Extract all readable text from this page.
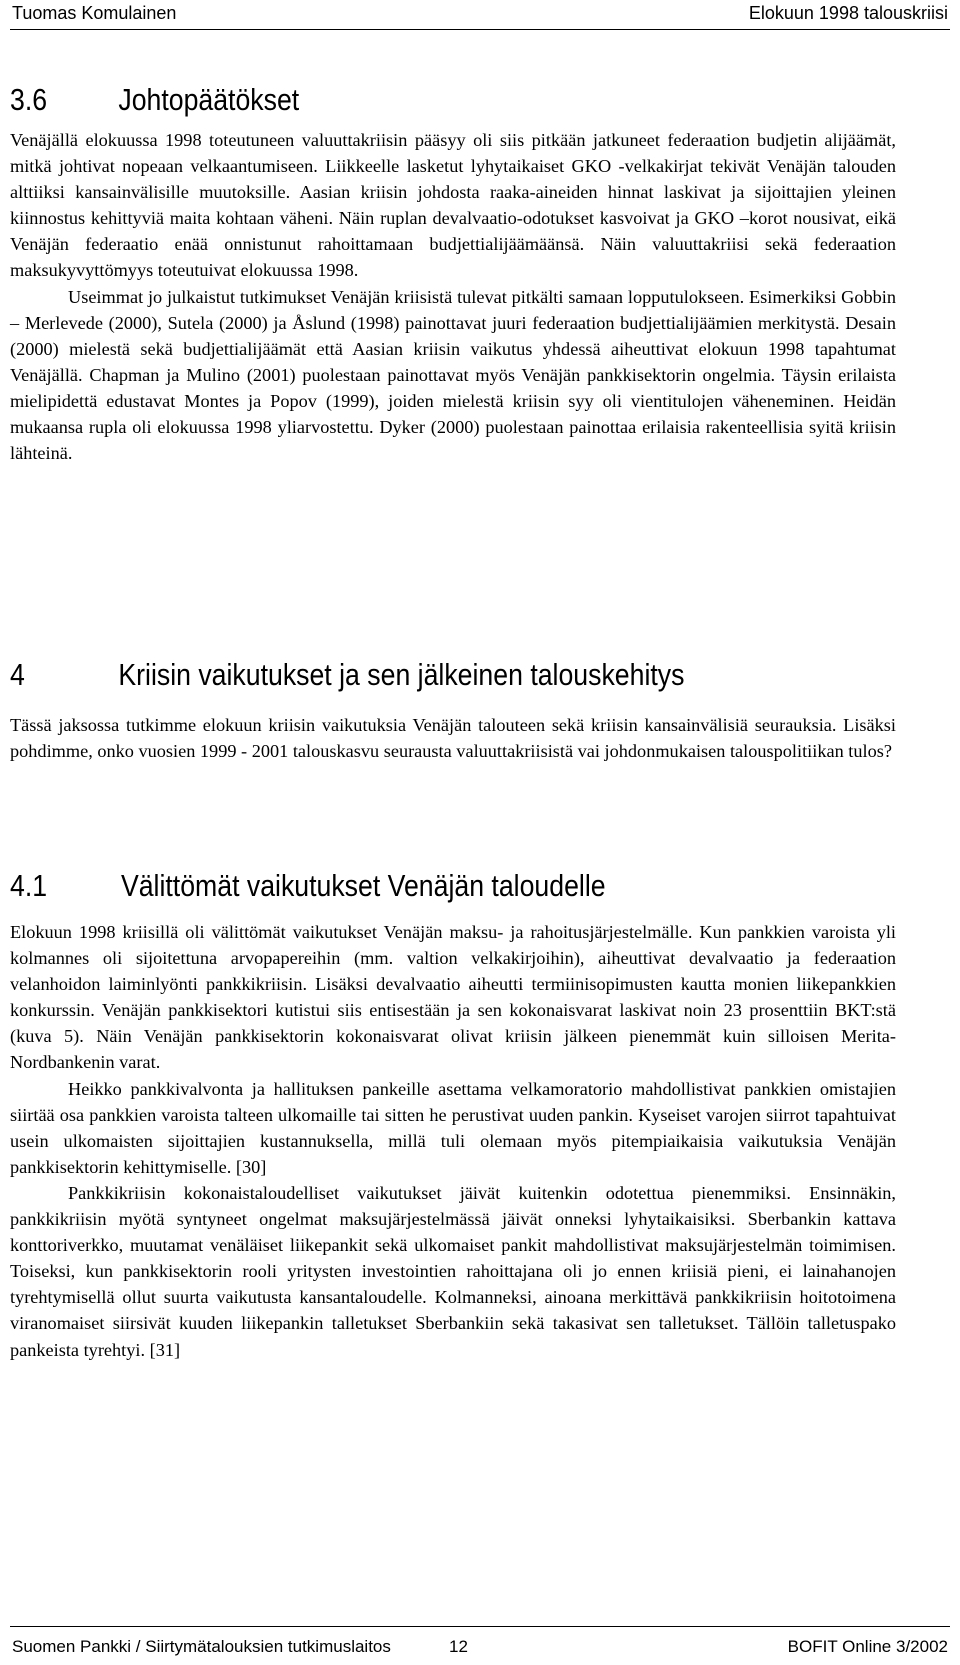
Tuomas Komulainen	Elokuun 1998 talouskriisi
3.6 Johtopäätökset

Venäjällä elokuussa 1998 toteutuneen valuuttakriisin pääsyy oli siis pitkään jatkuneet federaation budjetin alijäämät, mitkä johtivat nopeaan velkaantumiseen. Liikkeelle lasketut lyhytaikaiset GKO -velkakirjat tekivät Venäjän talouden alttiiksi kansainvälisille muutoksille. Aasian kriisin johdosta raaka-aineiden hinnat laskivat ja sijoittajien yleinen kiinnostus kehittyviä maita kohtaan väheni. Näin ruplan devalvaatio-odotukset kasvoivat ja GKO –korot nousivat, eikä Venäjän federaatio enää onnistunut rahoittamaan budjettialijäämäänsä. Näin valuuttakriisi sekä federaation maksukyvyttömyys toteutuivat elokuussa 1998.

Useimmat jo julkaistut tutkimukset Venäjän kriisistä tulevat pitkälti samaan lopputulokseen. Esimerkiksi Gobbin – Merlevede (2000), Sutela (2000) ja Åslund (1998) painottavat juuri federaation budjettialijäämien merkitystä. Desain (2000) mielestä sekä budjettialijäämät että Aasian kriisin vaikutus yhdessä aiheuttivat elokuun 1998 tapahtumat Venäjällä. Chapman ja Mulino (2001) puolestaan painottavat myös Venäjän pankkisektorin ongelmia. Täysin erilaista mielipidettä edustavat Montes ja Popov (1999), joiden mielestä kriisin syy oli vientitulojen väheneminen. Heidän mukaansa rupla oli elokuussa 1998 yliarvostettu. Dyker (2000) puolestaan painottaa erilaisia rakenteellisia syitä kriisin lähteinä.

4	Kriisin vaikutukset ja sen jälkeinen talouskehitys

Tässä jaksossa tutkimme elokuun kriisin vaikutuksia Venäjän talouteen sekä kriisin kansainvälisiä seurauksia. Lisäksi pohdimme, onko vuosien 1999 - 2001 talouskasvu seurausta valuuttakriisistä vai johdonmukaisen talouspolitiikan tulos?

4.1 Välittömät vaikutukset Venäjän taloudelle

Elokuun 1998 kriisillä oli välittömät vaikutukset Venäjän maksu- ja rahoitusjärjestelmälle. Kun pankkien varoista yli kolmannes oli sijoitettuna arvopapereihin (mm. valtion velkakirjoihin), aiheuttivat devalvaatio ja federaation velanhoidon laiminlyönti pankkikriisin. Lisäksi devalvaatio aiheutti termiinisopimusten kautta monien liikepankkien konkurssin. Venäjän pankkisektori kutistui siis entisestään ja sen kokonaisvarat laskivat noin 23 prosenttiin BKT:stä (kuva 5). Näin Venäjän pankkisektorin kokonaisvarat olivat kriisin jälkeen pienemmät kuin silloisen Merita-Nordbankenin varat.

Heikko pankkivalvonta ja hallituksen pankeille asettama velkamoratorio mahdollistivat pankkien omistajien siirtää osa pankkien varoista talteen ulkomaille tai sitten he perustivat uuden pankin. Kyseiset varojen siirrot tapahtuivat usein ulkomaisten sijoittajien kustannuksella, millä tuli olemaan myös pitempiaikaisia vaikutuksia Venäjän pankkisektorin kehittymiselle. [30]

Pankkikriisin kokonaistaloudelliset vaikutukset jäivät kuitenkin odotettua pienemmiksi. Ensinnäkin, pankkikriisin myötä syntyneet ongelmat maksujärjestelmässä jäivät onneksi lyhytaikaisiksi. Sberbankin kattava konttoriverkko, muutamat venäläiset liikepankit sekä ulkomaiset pankit mahdollistivat maksujärjestelmän toimimisen. Toiseksi, kun pankkisektorin rooli yritysten investointien rahoittajana oli jo ennen kriisiä pieni, ei lainahanojen tyrehtymisellä ollut suurta vaikutusta kansantaloudelle. Kolmanneksi, ainoana merkittävä pankkikriisin hoitotoimena viranomaiset siirsivät kuuden liikepankin talletukset Sberbankiin sekä takasivat sen talletukset. Tällöin talletuspako pankeista tyrehtyi. [31]

Suomen Pankki / Siirtymätalouksien tutkimuslaitos	12	BOFIT Online 3/2002
